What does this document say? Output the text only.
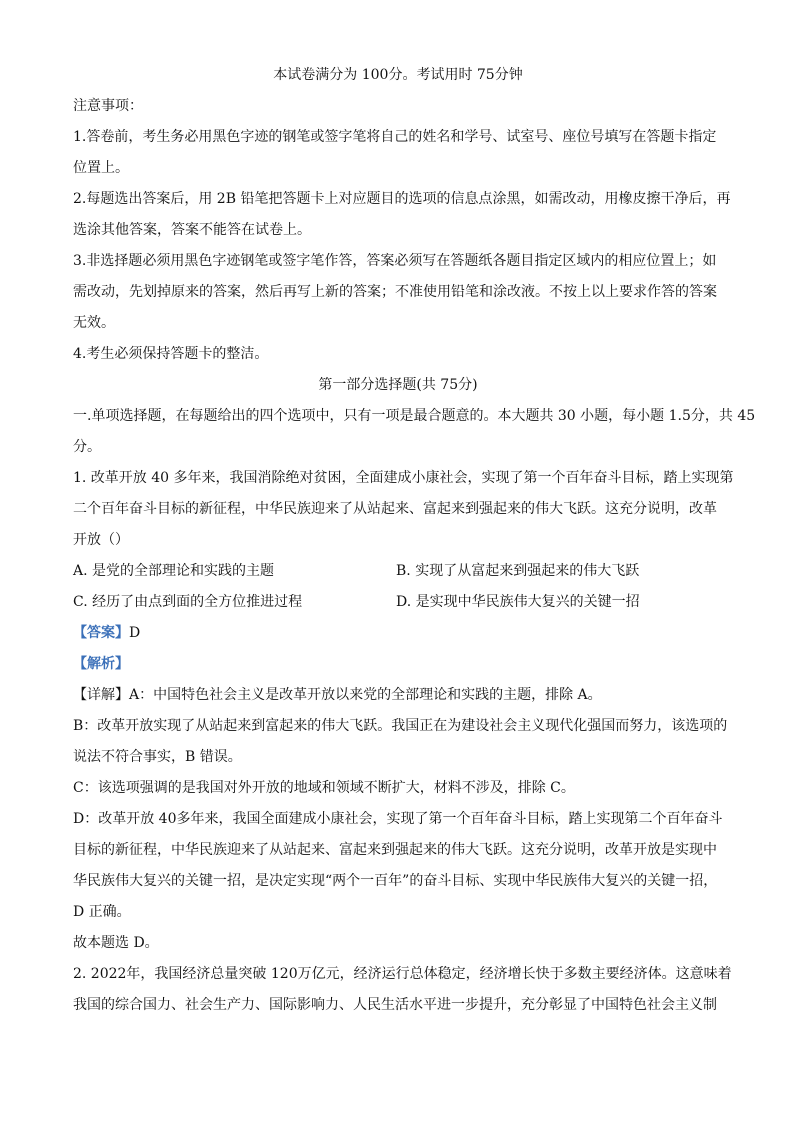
本试卷满分为 100分。考试用时 75分钟
注意事项：
1.答卷前，考生务必用黑色字迹的钢笔或签字笔将自己的姓名和学号、试室号、座位号填写在答题卡指定
位置上。
2.每题选出答案后，用 2B 铅笔把答题卡上对应题目的选项的信息点涂黑，如需改动，用橡皮擦干净后，再
选涂其他答案，答案不能答在试卷上。
3.非选择题必须用黑色字迹钢笔或签字笔作答，答案必须写在答题纸各题目指定区域内的相应位置上；如
需改动，先划掉原来的答案，然后再写上新的答案；不准使用铅笔和涂改液。不按上以上要求作答的答案
无效。
4.考生必须保持答题卡的整洁。
第一部分选择题(共 75分)
一.单项选择题，在每题给出的四个选项中，只有一项是最合题意的。本大题共 30 小题，每小题 1.5分，共 45
分。
1. 改革开放 40 多年来，我国消除绝对贫困，全面建成小康社会，实现了第一个百年奋斗目标，踏上实现第
二个百年奋斗目标的新征程，中华民族迎来了从站起来、富起来到强起来的伟大飞跃。这充分说明，改革
开放（）
A. 是党的全部理论和实践的主题	B. 实现了从富起来到强起来的伟大飞跃
C. 经历了由点到面的全方位推进过程	D. 是实现中华民族伟大复兴的关键一招
【答案】D
【解析】
【详解】A：中国特色社会主义是改革开放以来党的全部理论和实践的主题，排除 A。
B：改革开放实现了从站起来到富起来的伟大飞跃。我国正在为建设社会主义现代化强国而努力，该选项的
说法不符合事实，B 错误。
C：该选项强调的是我国对外开放的地域和领域不断扩大，材料不涉及，排除 C。
D：改革开放 40多年来，我国全面建成小康社会，实现了第一个百年奋斗目标，踏上实现第二个百年奋斗
目标的新征程，中华民族迎来了从站起来、富起来到强起来的伟大飞跃。这充分说明，改革开放是实现中
华民族伟大复兴的关键一招，是决定实现“两个一百年”的奋斗目标、实现中华民族伟大复兴的关键一招，
D 正确。
故本题选 D。
2. 2022年，我国经济总量突破 120万亿元，经济运行总体稳定，经济增长快于多数主要经济体。这意味着
我国的综合国力、社会生产力、国际影响力、人民生活水平进一步提升，充分彰显了中国特色社会主义制
